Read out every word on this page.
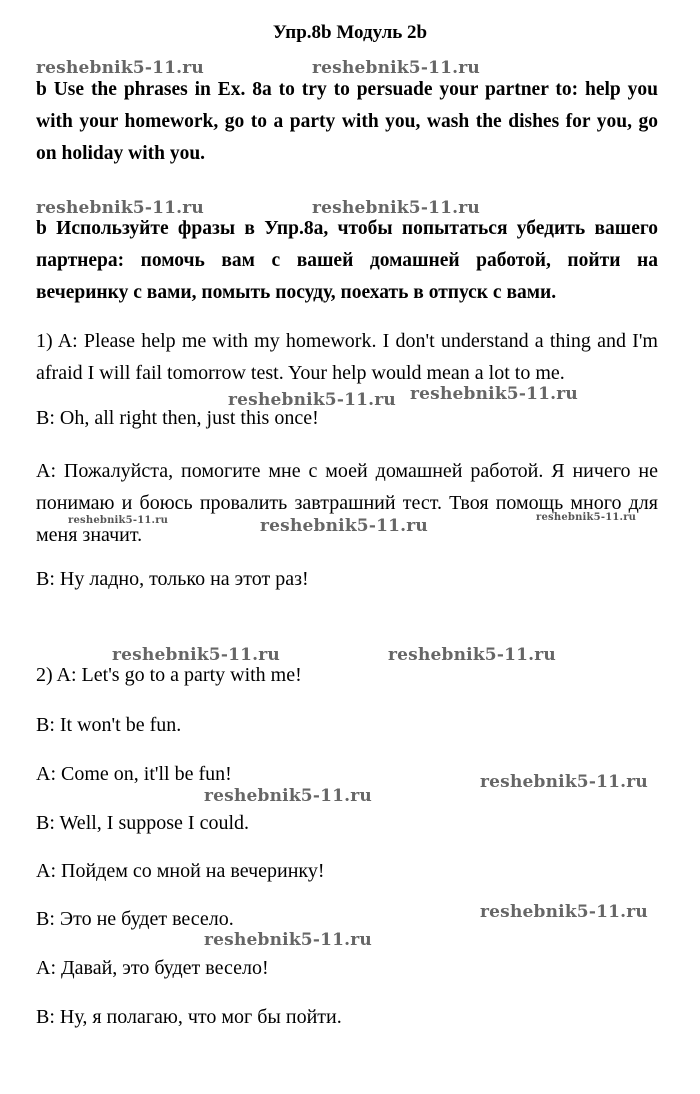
Упр.8b Модуль 2b
reshebnik5-11.ru	reshebnik5-11.ru
reshebnik5-11.ru	reshebnik5-11.ru
reshebnik5-11.ru reshebnik5-11.ru
reshebnik5-11.ru	reshebnik5-11.ru	reshebnik5-11.ru
reshebnik5-11.ru	reshebnik5-11.ru
reshebnik5-11.ru
reshebnik5-11.ru
reshebnik5-11.ru
reshebnik5-11.ru
b Use the phrases in Ex. 8a to try to persuade your partner to: help you with your homework, go to a party with you, wash the dishes for you, go on holiday with you.
b Используйте фразы в Упр.8а, чтобы попытаться убедить вашего партнера: помочь вам с вашей домашней работой, пойти на вечеринку с вами, помыть посуду, поехать в отпуск с вами.
1) A: Please help me with my homework. I don't understand a thing and I'm afraid I will fail tomorrow test. Your help would mean a lot to me.
B: Oh, all right then, just this once!
A: Пожалуйста, помогите мне с моей домашней работой. Я ничего не понимаю и боюсь провалить завтрашний тест. Твоя помощь много для меня значит.
B: Ну ладно, только на этот раз!
2) A: Let's go to a party with me!
B: It won't be fun.
A: Come on, it'll be fun!
B: Well, I suppose I could.
A: Пойдем со мной на вечеринку!
B: Это не будет весело.
A: Давай, это будет весело!
B: Ну, я полагаю, что мог бы пойти.
